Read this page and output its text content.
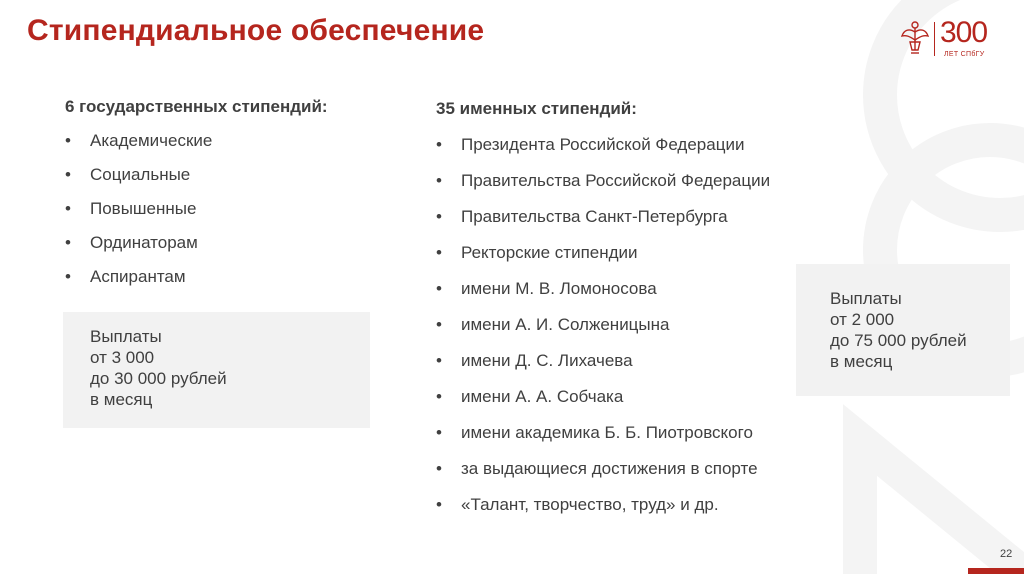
Стипендиальное обеспечение	300
ЛЕТ СПбГУ
6 государственных стипендий:
• Академические
• Социальные
• Повышенные
• Ординаторам
• Аспирантам
Выплаты
от 3 000
до 30 000 рублей
в месяц
35 именных стипендий:
• Президента Российской Федерации
• Правительства Российской Федерации
• Правительства Санкт-Петербурга
• Ректорские стипендии
• имени М. В. Ломоносова
• имени А. И. Солженицына
• имени Д. С. Лихачева
• имени А. А. Собчака
• имени академика Б. Б. Пиотровского
• за выдающиеся достижения в спорте
• «Талант, творчество, труд» и др.
Выплаты
от 2 000
до 75 000 рублей
в месяц
22
